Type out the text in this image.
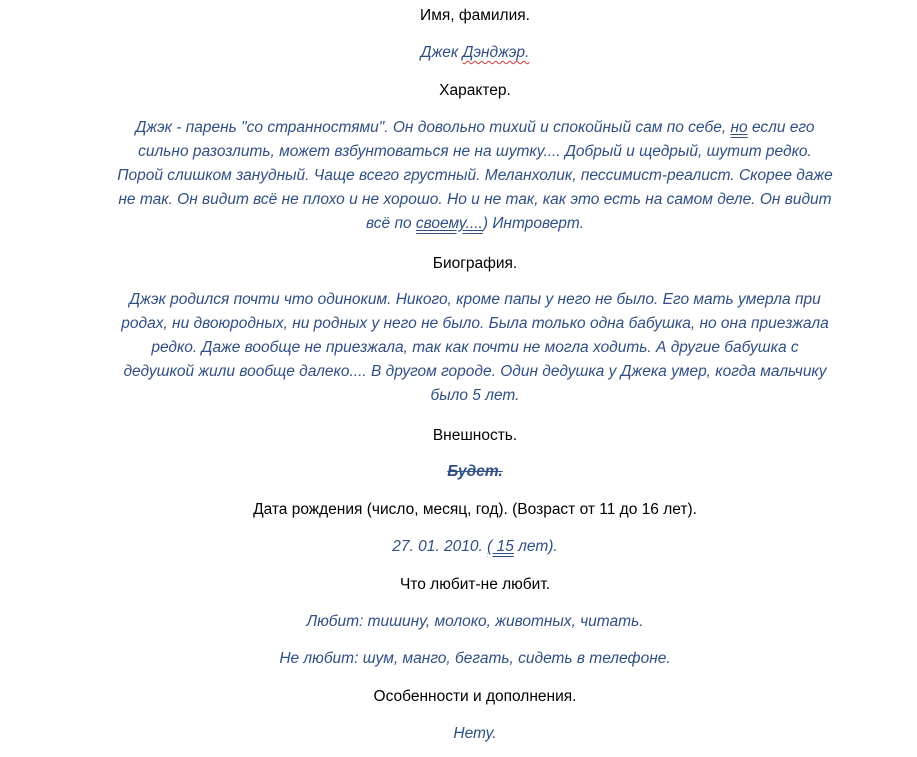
Имя, фамилия.
Джек Дэнджэр.
Характер.
Джэк - парень "со странностями". Он довольно тихий и спокойный сам по себе, но если его
сильно разозлить, может взбунтоваться не на шутку.... Добрый и щедрый, шутит редко.
Порой слишком занудный. Чаще всего грустный. Меланхолик, пессимист-реалист. Скорее даже
не так. Он видит всё не плохо и не хорошо. Но и не так, как это есть на самом деле. Он видит
всё по своему....) Интроверт.
Биография.
Джэк родился почти что одиноким. Никого, кроме папы у него не было. Его мать умерла при
родах, ни двоюродных, ни родных у него не было. Была только одна бабушка, но она приезжала
редко. Даже вообще не приезжала, так как почти не могла ходить. А другие бабушка с
дедушкой жили вообще далеко.... В другом городе. Один дедушка у Джека умер, когда мальчику
было 5 лет.
Внешность.
Будет.
Дата рождения (число, месяц, год). (Возраст от 11 до 16 лет).
27. 01. 2010. ( 15 лет).
Что любит-не любит.
Любит: тишину, молоко, животных, читать.
Не любит: шум, манго, бегать, сидеть в телефоне.
Особенности и дополнения.
Нету.
